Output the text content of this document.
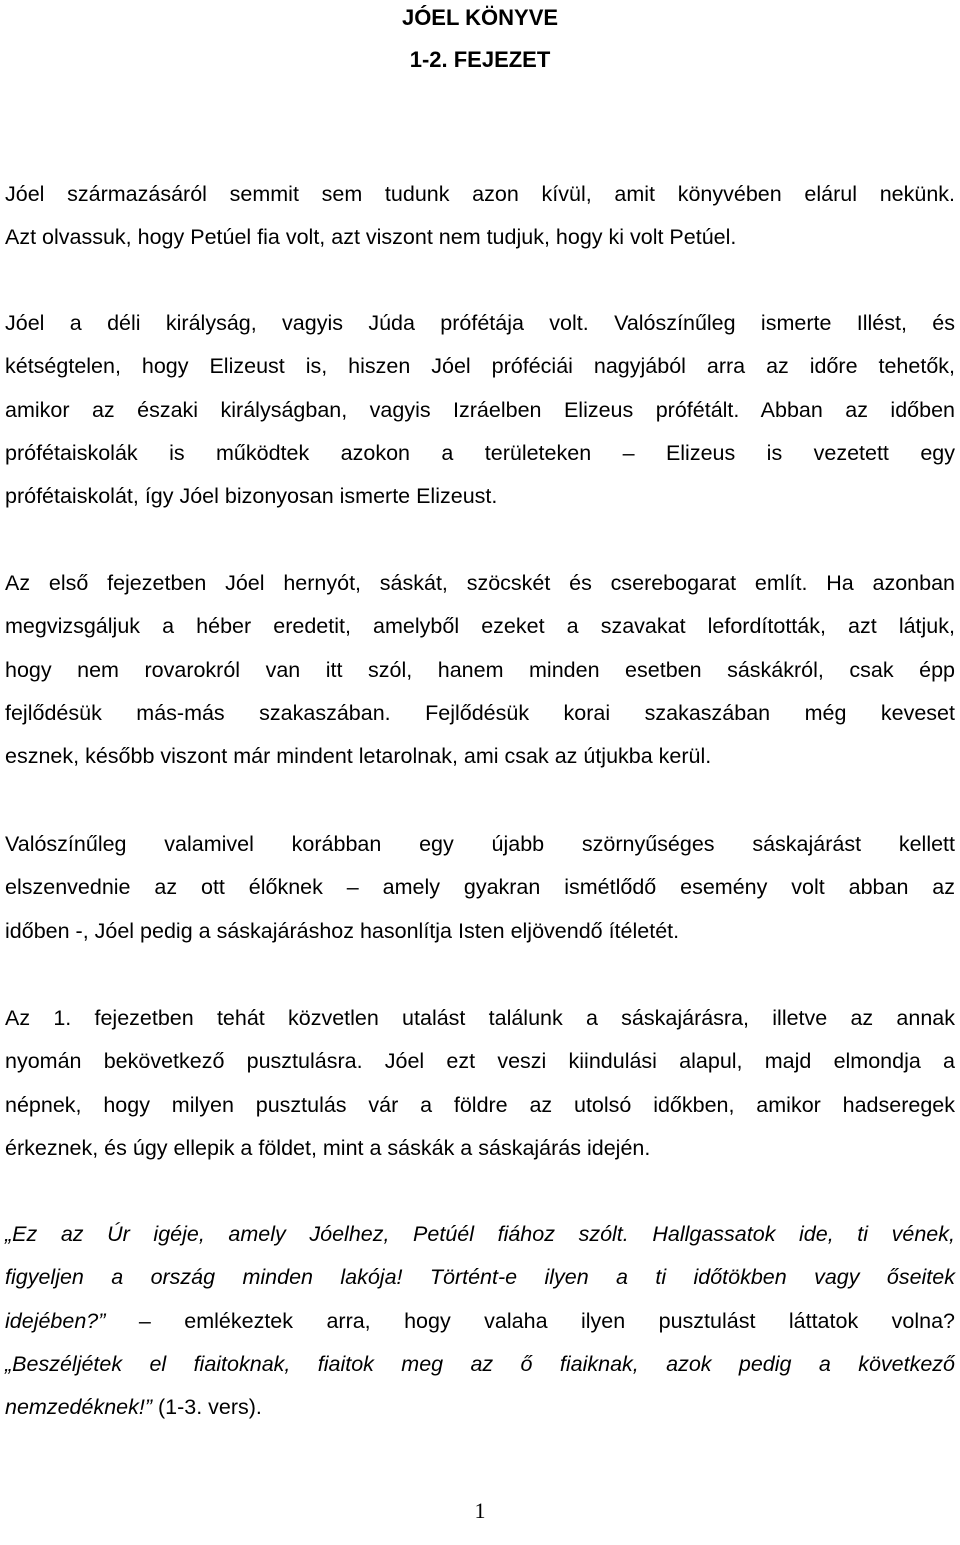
JÓEL KÖNYVE
1-2. FEJEZET

Jóel származásáról semmit sem tudunk azon kívül, amit könyvében elárul nekünk.
Azt olvassuk, hogy Petúel fia volt, azt viszont nem tudjuk, hogy ki volt Petúel.

Jóel a déli királyság, vagyis Júda prófétája volt. Valószínűleg ismerte Illést, és
kétségtelen, hogy Elizeust is, hiszen Jóel próféciái nagyjából arra az időre tehetők,
amikor az északi királyságban, vagyis Izráelben Elizeus prófétált. Abban az időben
prófétaiskolák is működtek azokon a területeken – Elizeus is vezetett egy
prófétaiskolát, így Jóel bizonyosan ismerte Elizeust.

Az első fejezetben Jóel hernyót, sáskát, szöcskét és cserebogarat említ. Ha azonban
megvizsgáljuk a héber eredetit, amelyből ezeket a szavakat lefordították, azt látjuk,
hogy nem rovarokról van itt szól, hanem minden esetben sáskákról, csak épp
fejlődésük más-más szakaszában. Fejlődésük korai szakaszában még keveset
esznek, később viszont már mindent letarolnak, ami csak az útjukba kerül.

Valószínűleg valamivel korábban egy újabb szörnyűséges sáskajárást kellett
elszenvednie az ott élőknek – amely gyakran ismétlődő esemény volt abban az
időben -, Jóel pedig a sáskajáráshoz hasonlítja Isten eljövendő ítéletét.

Az 1. fejezetben tehát közvetlen utalást találunk a sáskajárásra, illetve az annak
nyomán bekövetkező pusztulásra. Jóel ezt veszi kiindulási alapul, majd elmondja a
népnek, hogy milyen pusztulás vár a földre az utolsó időkben, amikor hadseregek
érkeznek, és úgy ellepik a földet, mint a sáskák a sáskajárás idején.

„Ez az Úr igéje, amely Jóelhez, Petúél fiához szólt. Hallgassatok ide, ti vének,
figyeljen a ország minden lakója! Történt-e ilyen a ti időtökben vagy őseitek
idejében?” – emlékeztek arra, hogy valaha ilyen pusztulást láttatok volna?
„Beszéljétek el fiaitoknak, fiaitok meg az ő fiaiknak, azok pedig a következő
nemzedéknek!” (1-3. vers).

1
